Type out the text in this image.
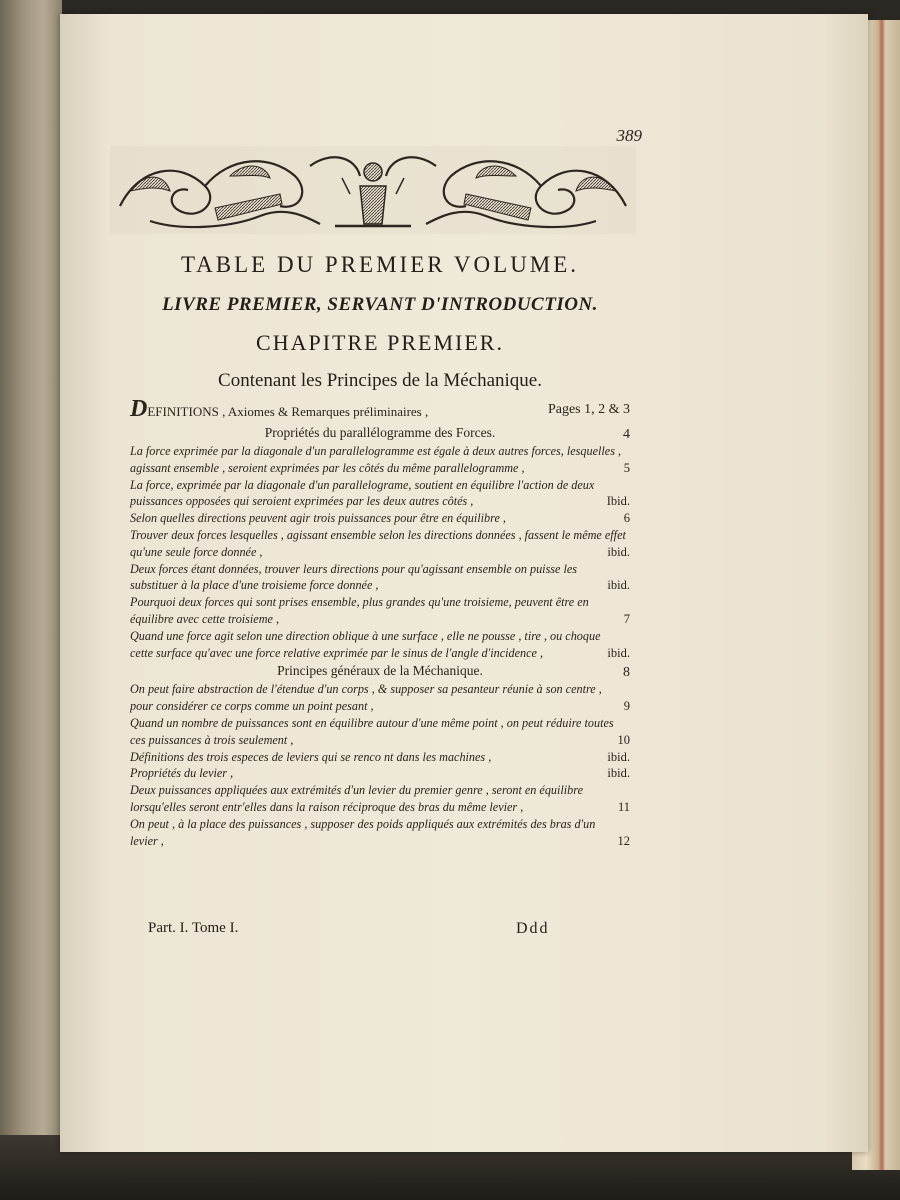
389
TABLE DU PREMIER VOLUME.
LIVRE PREMIER, SERVANT D'INTRODUCTION.
CHAPITRE PREMIER.
Contenant les Principes de la Méchanique.
DEFINITIONS , Axiomes & Remarques préliminaires ,	Pages 1, 2 & 3
Propriétés du parallélogramme des Forces.	4
La force exprimée par la diagonale d'un parallelogramme est égale à deux autres forces, lesquelles , agissant ensemble , seroient exprimées par les côtés du même parallelogramme ,	5
La force, exprimée par la diagonale d'un parallelograme, soutient en équilibre l'action de deux puissances opposées qui seroient exprimées par les deux autres côtés ,	Ibid.
Selon quelles directions peuvent agir trois puissances pour être en équilibre ,	6
Trouver deux forces lesquelles , agissant ensemble selon les directions données , fassent le même effet qu'une seule force donnée ,	ibid.
Deux forces étant données, trouver leurs directions pour qu'agissant ensemble on puisse les substituer à la place d'une troisieme force donnée ,	ibid.
Pourquoi deux forces qui sont prises ensemble, plus grandes qu'une troisieme, peuvent être en équilibre avec cette troisieme ,	7
Quand une force agit selon une direction oblique à une surface , elle ne pousse , tire , ou choque cette surface qu'avec une force relative exprimée par le sinus de l'angle d'incidence ,	ibid.
Principes généraux de la Méchanique.	8
On peut faire abstraction de l'étendue d'un corps , & supposer sa pesanteur réunie à son centre , pour considérer ce corps comme un point pesant ,	9
Quand un nombre de puissances sont en équilibre autour d'une même point , on peut réduire toutes ces puissances à trois seulement ,	10
Définitions des trois especes de leviers qui se renco nt dans les machines ,	ibid.
Propriétés du levier ,	ibid.
Deux puissances appliquées aux extrémités d'un levier du premier genre , seront en équilibre lorsqu'elles seront entr'elles dans la raison réciproque des bras du même levier ,	11
On peut , à la place des puissances , supposer des poids appliqués aux extrémités des bras d'un levier ,	12
Part. I. Tome I.	Ddd
